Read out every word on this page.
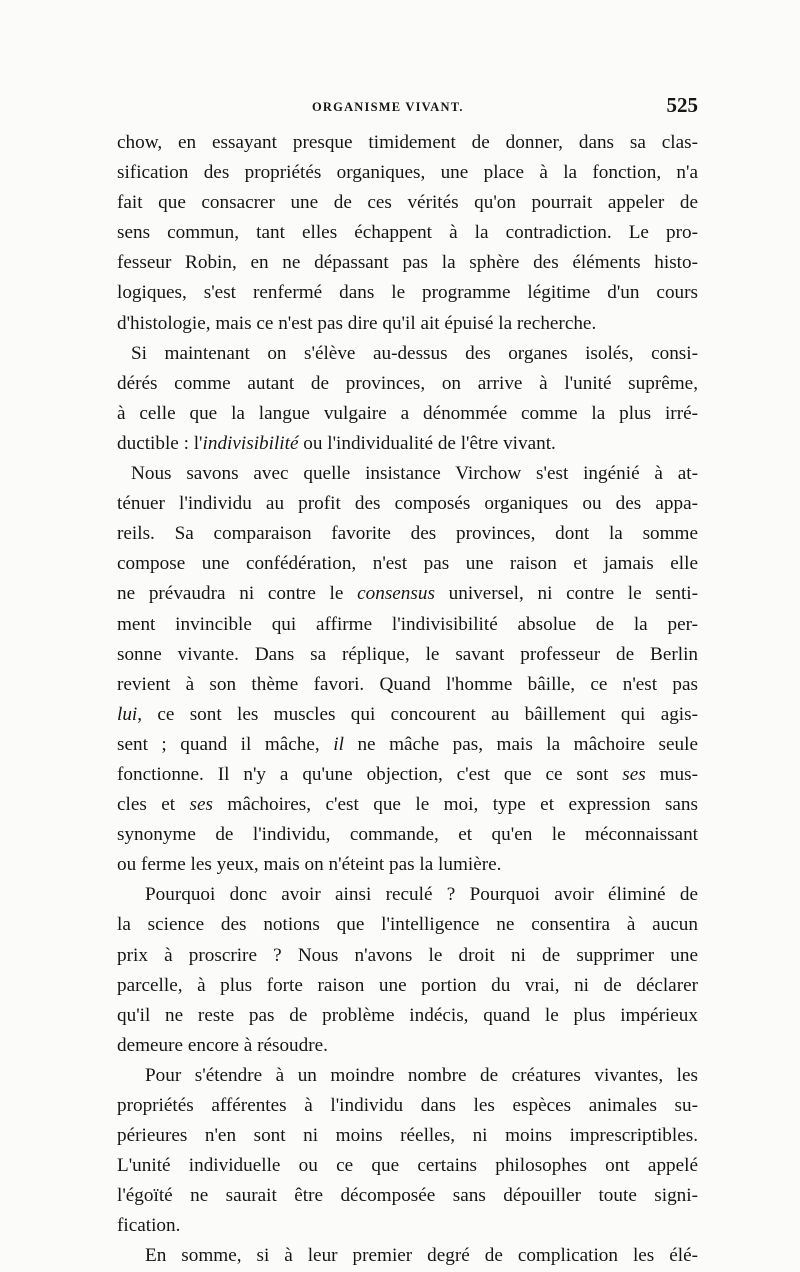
ORGANISME VIVANT.	525

chow, en essayant presque timidement de donner, dans sa clas-
sification des propriétés organiques, une place à la fonction, n'a
fait que consacrer une de ces vérités qu'on pourrait appeler de
sens commun, tant elles échappent à la contradiction. Le pro-
fesseur Robin, en ne dépassant pas la sphère des éléments histo-
logiques, s'est renfermé dans le programme légitime d'un cours
d'histologie, mais ce n'est pas dire qu'il ait épuisé la recherche.

Si maintenant on s'élève au-dessus des organes isolés, consi-
dérés comme autant de provinces, on arrive à l'unité suprême,
à celle que la langue vulgaire a dénommée comme la plus irré-
ductible : l'indivisibilité ou l'individualité de l'être vivant.

Nous savons avec quelle insistance Virchow s'est ingénié à at-
ténuer l'individu au profit des composés organiques ou des appa-
reils. Sa comparaison favorite des provinces, dont la somme
compose une confédération, n'est pas une raison et jamais elle
ne prévaudra ni contre le consensus universel, ni contre le senti-
ment invincible qui affirme l'indivisibilité absolue de la per-
sonne vivante. Dans sa réplique, le savant professeur de Berlin
revient à son thème favori. Quand l'homme bâille, ce n'est pas
lui, ce sont les muscles qui concourent au bâillement qui agis-
sent ; quand il mâche, il ne mâche pas, mais la mâchoire seule
fonctionne. Il n'y a qu'une objection, c'est que ce sont ses mus-
cles et ses mâchoires, c'est que le moi, type et expression sans
synonyme de l'individu, commande, et qu'en le méconnaissant
ou ferme les yeux, mais on n'éteint pas la lumière.

Pourquoi donc avoir ainsi reculé ? Pourquoi avoir éliminé de
la science des notions que l'intelligence ne consentira à aucun
prix à proscrire ? Nous n'avons le droit ni de supprimer une
parcelle, à plus forte raison une portion du vrai, ni de déclarer
qu'il ne reste pas de problème indécis, quand le plus impérieux
demeure encore à résoudre.

Pour s'étendre à un moindre nombre de créatures vivantes, les
propriétés afférentes à l'individu dans les espèces animales su-
périeures n'en sont ni moins réelles, ni moins imprescriptibles.
L'unité individuelle ou ce que certains philosophes ont appelé
l'égoïté ne saurait être décomposée sans dépouiller toute signi-
fication.

En somme, si à leur premier degré de complication les élé-
